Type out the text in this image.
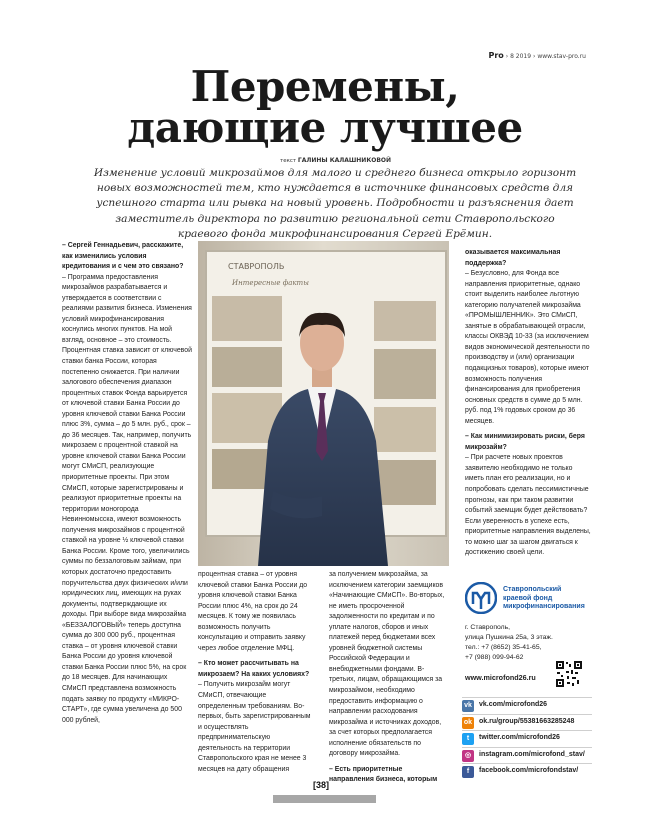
Pro › 8 2019 › www.stav-pro.ru
Перемены,
дающие лучшее
текст ГАЛИНЫ КАЛАШНИКОВОЙ
Изменение условий микрозаймов для малого и среднего бизнеса открыло горизонт новых возможностей тем, кто нуждается в источнике финансовых средств для успешного старта или рывка на новый уровень. Подробности и разъяснения дает заместитель директора по развитию региональной сети Ставропольского краевого фонда микрофинансирования Сергей Ерёмин.

– Сергей Геннадьевич, расскажите, как изменились условия кредитования и с чем это связано?

– Программа предоставления микрозаймов разрабатывается и утверждается в соответствии с реалиями развития бизнеса. Изменения условий микрофинансирования коснулись многих пунктов. На мой взгляд, основное – это стоимость. Процентная ставка зависит от ключевой ставки банка России, которая постепенно снижается. При наличии залогового обеспечения диапазон процентных ставок Фонда варьируется от ключевой ставки Банка России до уровня ключевой ставки Банка России плюс 3%, сумма – до 5 млн. руб., срок – до 36 месяцев. Так, например, получить микрозаем с процентной ставкой на уровне ключевой ставки Банка России могут СМиСП, реализующие приоритетные проекты. При этом СМиСП, которые зарегистрированы и реализуют приоритетные проекты на территории моногорода Невинномысска, имеют возможность получения микрозаймов с процентной ставкой на уровне ½ ключевой ставки Банка России. Кроме того, увеличились суммы по беззалоговым займам, при которых достаточно предоставить поручительства двух физических и/или юридических лиц, имеющих на руках документы, подтверждающие их доходы. При выборе вида микрозайма «БЕЗЗАЛОГОВЫЙ» теперь доступна сумма до 300 000 руб., процентная ставка – от уровня ключевой ставки Банка России до уровня ключевой ставки Банка России плюс 5%, на срок до 18 месяцев. Для начинающих СМиСП представлена возможность подать заявку по продукту «МИКРО-СТАРТ», где сумма увеличена до 500 000 рублей,

СТАВРОПОЛЬ
Интересные факты

процентная ставка – от уровня ключевой ставки Банка России до уровня ключевой ставки Банка России плюс 4%, на срок до 24 месяцев. К тому же появилась возможность получить консультацию и отправить заявку через любое отделение МФЦ.

– Кто может рассчитывать на микрозаем? На каких условиях?

– Получить микрозайм могут СМиСП, отвечающие определенным требованиям. Во-первых, быть зарегистрированным и осуществлять предпринимательскую деятельность на территории Ставропольского края не менее 3 месяцев на дату обращения

за получением микрозайма, за исключением категории заемщиков «Начинающие СМиСП». Во-вторых, не иметь просроченной задолженности по кредитам и по уплате налогов, сборов и иных платежей перед бюджетами всех уровней бюджетной системы Российской Федерации и внебюджетными фондами. В-третьих, лицам, обращающимся за микрозаймом, необходимо предоставить информацию о направлении расходования микрозайма и источниках доходов, за счет которых предполагается исполнение обязательств по договору микрозайма.

– Есть приоритетные направления бизнеса, которым

оказывается максимальная поддержка?

– Безусловно, для Фонда все направления приоритетные, однако стоит выделить наиболее льготную категорию получателей микрозайма «ПРОМЫШЛЕННИК». Это СМиСП, занятые в обрабатывающей отрасли, классы ОКВЭД 10-33 (за исключением видов экономической деятельности по производству и (или) организации подакцизных товаров), которые имеют возможность получения финансирования для приобретения основных средств в сумме до 5 млн. руб. под 1% годовых сроком до 36 месяцев.

– Как минимизировать риски, беря микрозайм?

– При расчете новых проектов заявителю необходимо не только иметь план его реализации, но и попробовать сделать пессимистичные прогнозы, как при таком развитии событий заемщик будет действовать? Если уверенность в успехе есть, приоритетные направления выделены, то можно шаг за шагом двигаться к достижению своей цели.

Ставропольский
краевой фонд
микрофинансирования
г. Ставрополь,
улица Пушкина 25а, 3 этаж.
тел.: +7 (8652) 35-41-65,
+7 (988) 099-94-62
www.microfond26.ru
vk	vk.com/microfond26
ok ok.ru/group/55381663285248
t	twitter.com/microfond26
◎	instagram.com/microfond_stav/
f	facebook.com/microfondstav/
[38]
